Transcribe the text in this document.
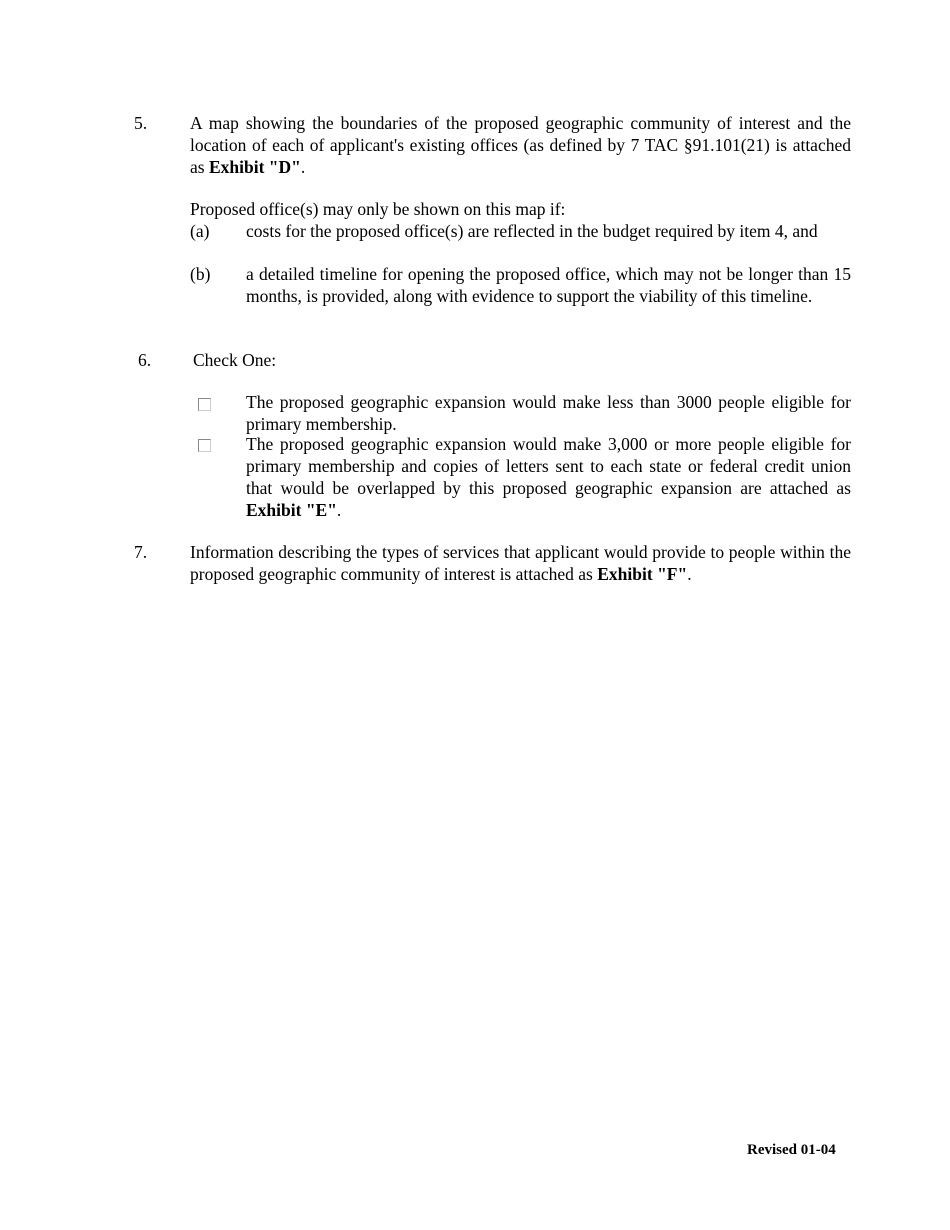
5. A map showing the boundaries of the proposed geographic community of interest and the location of each of applicant's existing offices (as defined by 7 TAC §91.101(21) is attached as Exhibit "D".
Proposed office(s) may only be shown on this map if:
(a) costs for the proposed office(s) are reflected in the budget required by item 4, and
(b) a detailed timeline for opening the proposed office, which may not be longer than 15 months, is provided, along with evidence to support the viability of this timeline.
6. Check One:
The proposed geographic expansion would make less than 3000 people eligible for primary membership.
The proposed geographic expansion would make 3,000 or more people eligible for primary membership and copies of letters sent to each state or federal credit union that would be overlapped by this proposed geographic expansion are attached as Exhibit "E".
7. Information describing the types of services that applicant would provide to people within the proposed geographic community of interest is attached as Exhibit "F".
Revised 01-04
